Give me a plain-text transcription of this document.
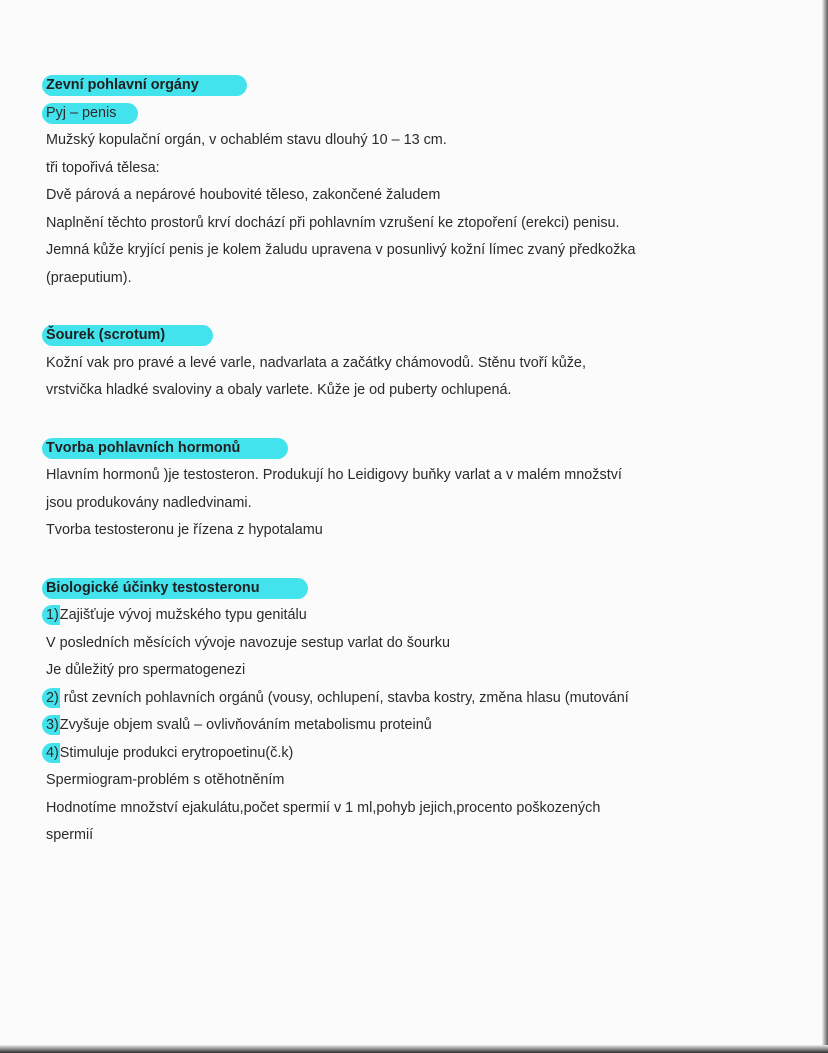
Zevní pohlavní orgány
Pyj – penis
Mužský kopulační orgán, v ochablém stavu dlouhý 10 – 13 cm.
tři topořivá tělesa:
Dvě párová a nepárové houbovité těleso, zakončené žaludem
Naplnění těchto prostorů krví dochází při pohlavním vzrušení ke ztopoření (erekci) penisu.
Jemná kůže kryjící penis je kolem žaludu upravena v posunlivý kožní límec zvaný předkožka
(praeputium).
Šourek (scrotum)
Kožní vak pro pravé a levé varle, nadvarlata a začátky chámovodů. Stěnu tvoří kůže,
vrstvička hladké svaloviny a obaly varlete. Kůže je od puberty ochlupená.
Tvorba pohlavních hormonů
Hlavním hormonů )je testosteron. Produkují ho Leidigovy buňky varlat a v malém množství
jsou produkovány nadledvinami.
Tvorba testosteronu je řízena z hypotalamu
Biologické účinky testosteronu
1)Zajišťuje vývoj mužského typu genitálu
V posledních měsících vývoje navozuje sestup varlat do šourku
Je důležitý pro spermatogenezi
2) růst zevních pohlavních orgánů (vousy, ochlupení, stavba kostry, změna hlasu (mutování
3)Zvyšuje objem svalů – ovlivňováním metabolismu proteinů
4)Stimuluje produkci erytropoetinu(č.k)
Spermiogram-problém s otěhotněním
Hodnotíme množství ejakulátu,počet spermií v 1 ml,pohyb jejich,procento poškozených
spermií
